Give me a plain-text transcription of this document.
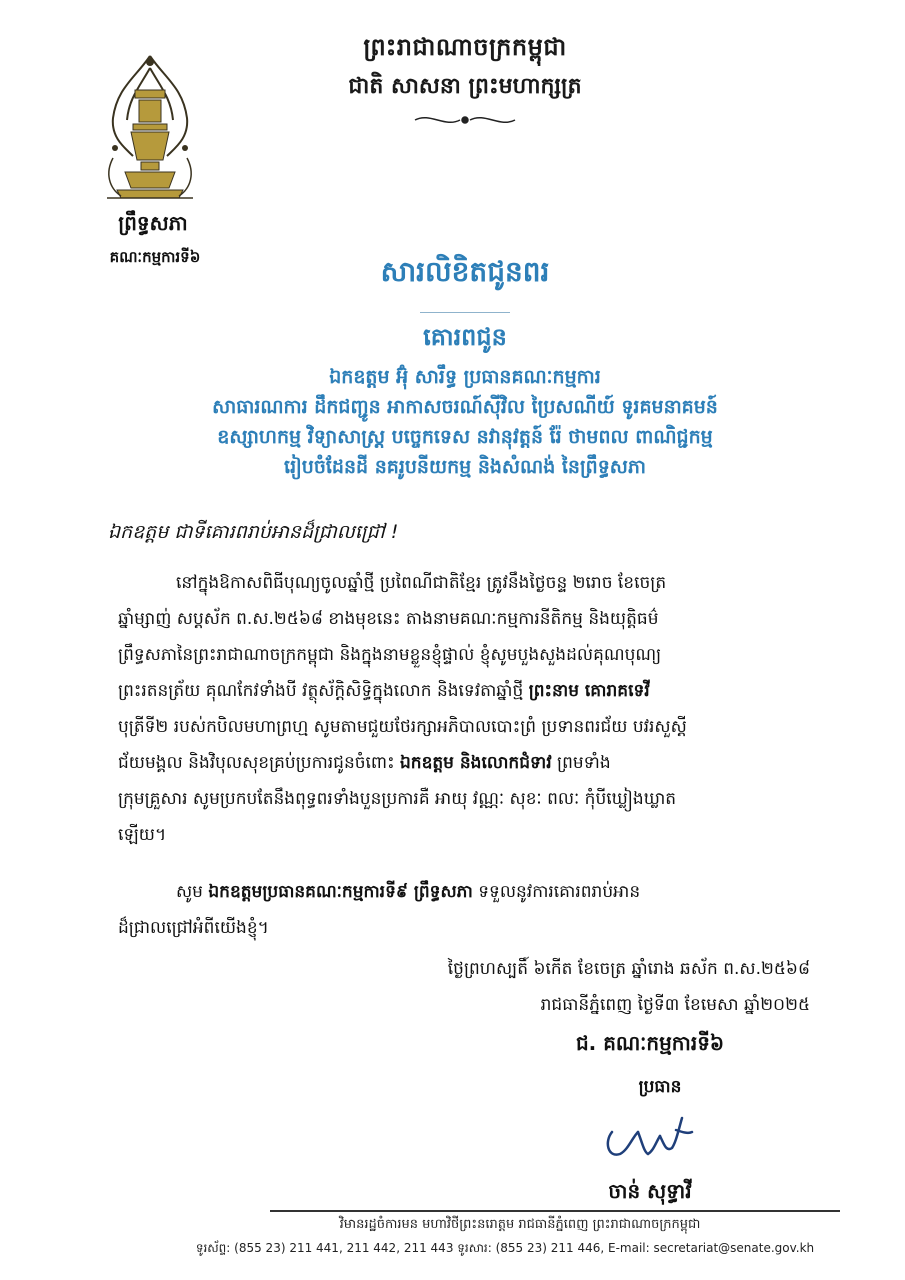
ព្រឹទ្ធសភា
គណៈកម្មការទី៦
ព្រះរាជាណាចក្រកម្ពុជា
ជាតិ សាសនា ព្រះមហាក្សត្រ
សារលិខិតជូនពរ
គោរពជូន
ឯកឧត្តម អ៊ុំ សារឹទ្ធ ប្រធានគណៈកម្មការ
សាធារណការ ដឹកជញ្ជូន អាកាសចរណ៍ស៊ីវិល ប្រៃសណីយ៍ ទូរគមនាគមន៍
ឧស្សាហកម្ម វិទ្យាសាស្ត្រ បច្ចេកទេស នវានុវត្តន៍ រ៉ែ ថាមពល ពាណិជ្ជកម្ម
រៀបចំដែនដី នគរូបនីយកម្ម និងសំណង់ នៃព្រឹទ្ធសភា
ឯកឧត្តម ជាទីគោរពរាប់អានដ៏ជ្រាលជ្រៅ !
នៅក្នុងឱកាសពិធីបុណ្យចូលឆ្នាំថ្មី ប្រពៃណីជាតិខ្មែរ ត្រូវនឹងថ្ងៃចន្ទ ២រោច ខែចេត្រ
ឆ្នាំម្សាញ់ សប្តស័ក ព.ស.២៥៦៨ ខាងមុខនេះ តាងនាមគណៈកម្មការនីតិកម្ម និងយុត្តិធម៌
ព្រឹទ្ធសភានៃព្រះរាជាណាចក្រកម្ពុជា និងក្នុងនាមខ្លួនខ្ញុំផ្ទាល់ ខ្ញុំសូមបួងសួងដល់គុណបុណ្យ
ព្រះរតនត្រ័យ គុណកែវទាំងបី វត្ថុស័ក្តិសិទ្ធិក្នុងលោក និងទេវតាឆ្នាំថ្មី ព្រះនាម គោរាគទេវី
បុត្រីទី២ របស់កបិលមហាព្រហ្ម សូមតាមជួយថែរក្សាអភិបាលបោះព្រំ ប្រទានពរជ័យ បវរសួស្តី
ជ័យមង្គល និងវិបុលសុខគ្រប់ប្រការជូនចំពោះ ឯកឧត្តម និងលោកជំទាវ ព្រមទាំង
ក្រុមគ្រួសារ សូមប្រកបតែនឹងពុទ្ធពរទាំងបួនប្រការគឺ អាយុ វណ្ណៈ សុខៈ ពលៈ កុំបីឃ្លៀងឃ្លាត
ឡើយ។
សូម ឯកឧត្តមប្រធានគណៈកម្មការទី៩ ព្រឹទ្ធសភា ទទួលនូវការគោរពរាប់អាន
ដ៏ជ្រាលជ្រៅអំពីយើងខ្ញុំ។
ថ្ងៃព្រហស្បតិ៍ ៦កើត ខែចេត្រ ឆ្នាំរោង ឆស័ក ព.ស.២៥៦៨
រាជធានីភ្នំពេញ ថ្ងៃទី៣ ខែមេសា ឆ្នាំ២០២៥
ជ. គណៈកម្មការទី៦
ប្រធាន
ចាន់ សុទ្ធាវី
វិមានរដ្ឋចំការមន មហាវិថីព្រះនរោត្តម រាជធានីភ្នំពេញ ព្រះរាជាណាចក្រកម្ពុជា
ទូរស័ព្ទ: (855 23) 211 441, 211 442, 211 443 ទូរសារ: (855 23) 211 446, E-mail: secretariat@senate.gov.kh
